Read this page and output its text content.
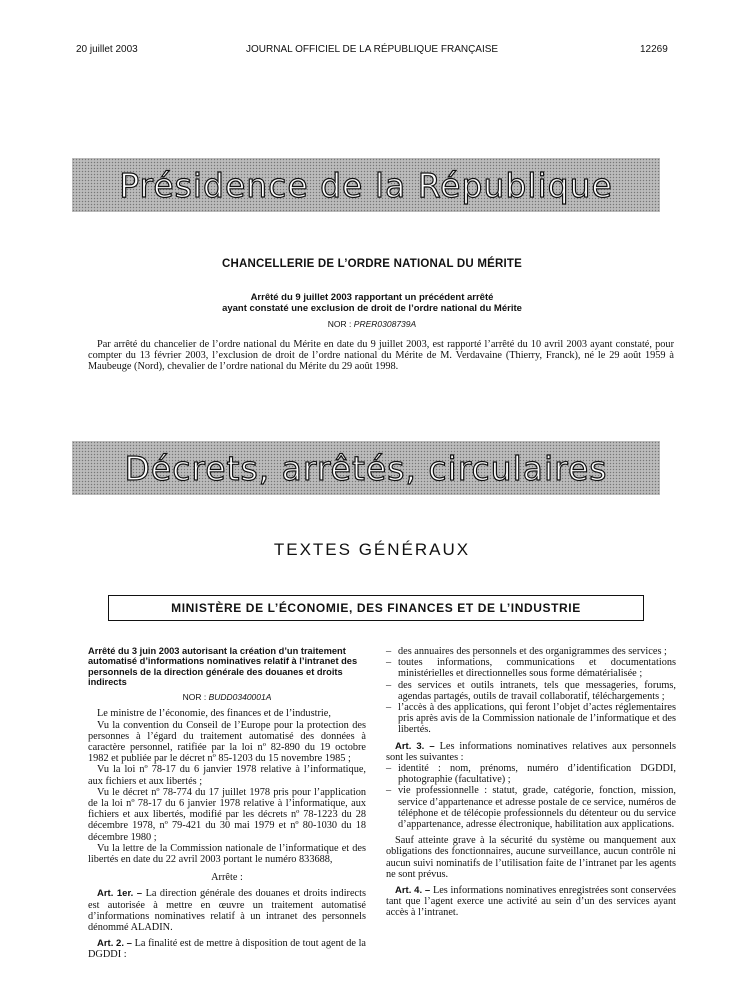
20 juillet 2003	JOURNAL OFFICIEL DE LA RÉPUBLIQUE FRANÇAISE	12269
Présidence de la République
CHANCELLERIE DE L’ORDRE NATIONAL DU MÉRITE
Arrêté du 9 juillet 2003 rapportant un précédent arrêté
ayant constaté une exclusion de droit de l’ordre national du Mérite
NOR : PRER0308739A

Par arrêté du chancelier de l’ordre national du Mérite en date du 9 juillet 2003, est rapporté l’arrêté du 10 avril 2003 ayant constaté, pour compter du 13 février 2003, l’exclusion de droit de l’ordre national du Mérite de M. Verdavaine (Thierry, Franck), né le 29 août 1959 à Maubeuge (Nord), chevalier de l’ordre national du Mérite du 29 août 1998.

Décrets, arrêtés, circulaires
TEXTES GÉNÉRAUX
MINISTÈRE DE L’ÉCONOMIE, DES FINANCES ET DE L’INDUSTRIE

Arrêté du 3 juin 2003 autorisant la création d’un traitement automatisé d’informations nominatives relatif à l’intranet des personnels de la direction générale des douanes et droits indirects

NOR : BUDD0340001A

Le ministre de l’économie, des finances et de l’industrie,

Vu la convention du Conseil de l’Europe pour la protection des personnes à l’égard du traitement automatisé des données à caractère personnel, ratifiée par la loi nº 82-890 du 19 octobre 1982 et publiée par le décret nº 85-1203 du 15 novembre 1985 ;

Vu la loi nº 78-17 du 6 janvier 1978 relative à l’informatique, aux fichiers et aux libertés ;

Vu le décret nº 78-774 du 17 juillet 1978 pris pour l’application de la loi nº 78-17 du 6 janvier 1978 relative à l’informatique, aux fichiers et aux libertés, modifié par les décrets nº 78-1223 du 28 décembre 1978, nº 79-421 du 30 mai 1979 et nº 80-1030 du 18 décembre 1980 ;

Vu la lettre de la Commission nationale de l’informatique et des libertés en date du 22 avril 2003 portant le numéro 833688,

Arrête :

Art. 1er. – La direction générale des douanes et droits indirects est autorisée à mettre en œuvre un traitement automatisé d’informations nominatives relatif à un intranet des personnels dénommé ALADIN.

Art. 2. – La finalité est de mettre à disposition de tout agent de la DGDDI :

– des annuaires des personnels et des organigrammes des services ;

– toutes informations, communications et documentations ministérielles et directionnelles sous forme dématérialisée ;

– des services et outils intranets, tels que messageries, forums, agendas partagés, outils de travail collaboratif, téléchargements ;

– l’accès à des applications, qui feront l’objet d’actes réglementaires pris après avis de la Commission nationale de l’informatique et des libertés.

Art. 3. – Les informations nominatives relatives aux personnels sont les suivantes :

– identité : nom, prénoms, numéro d’identification DGDDI, photographie (facultative) ;

– vie professionnelle : statut, grade, catégorie, fonction, mission, service d’appartenance et adresse postale de ce service, numéros de téléphone et de télécopie professionnels du détenteur ou du service d’appartenance, adresse électronique, habilitation aux applications.

Sauf atteinte grave à la sécurité du système ou manquement aux obligations des fonctionnaires, aucune surveillance, aucun contrôle ni aucun suivi nominatifs de l’utilisation faite de l’intranet par les agents ne sont prévus.

Art. 4. – Les informations nominatives enregistrées sont conservées tant que l’agent exerce une activité au sein d’un des services ayant accès à l’intranet.
